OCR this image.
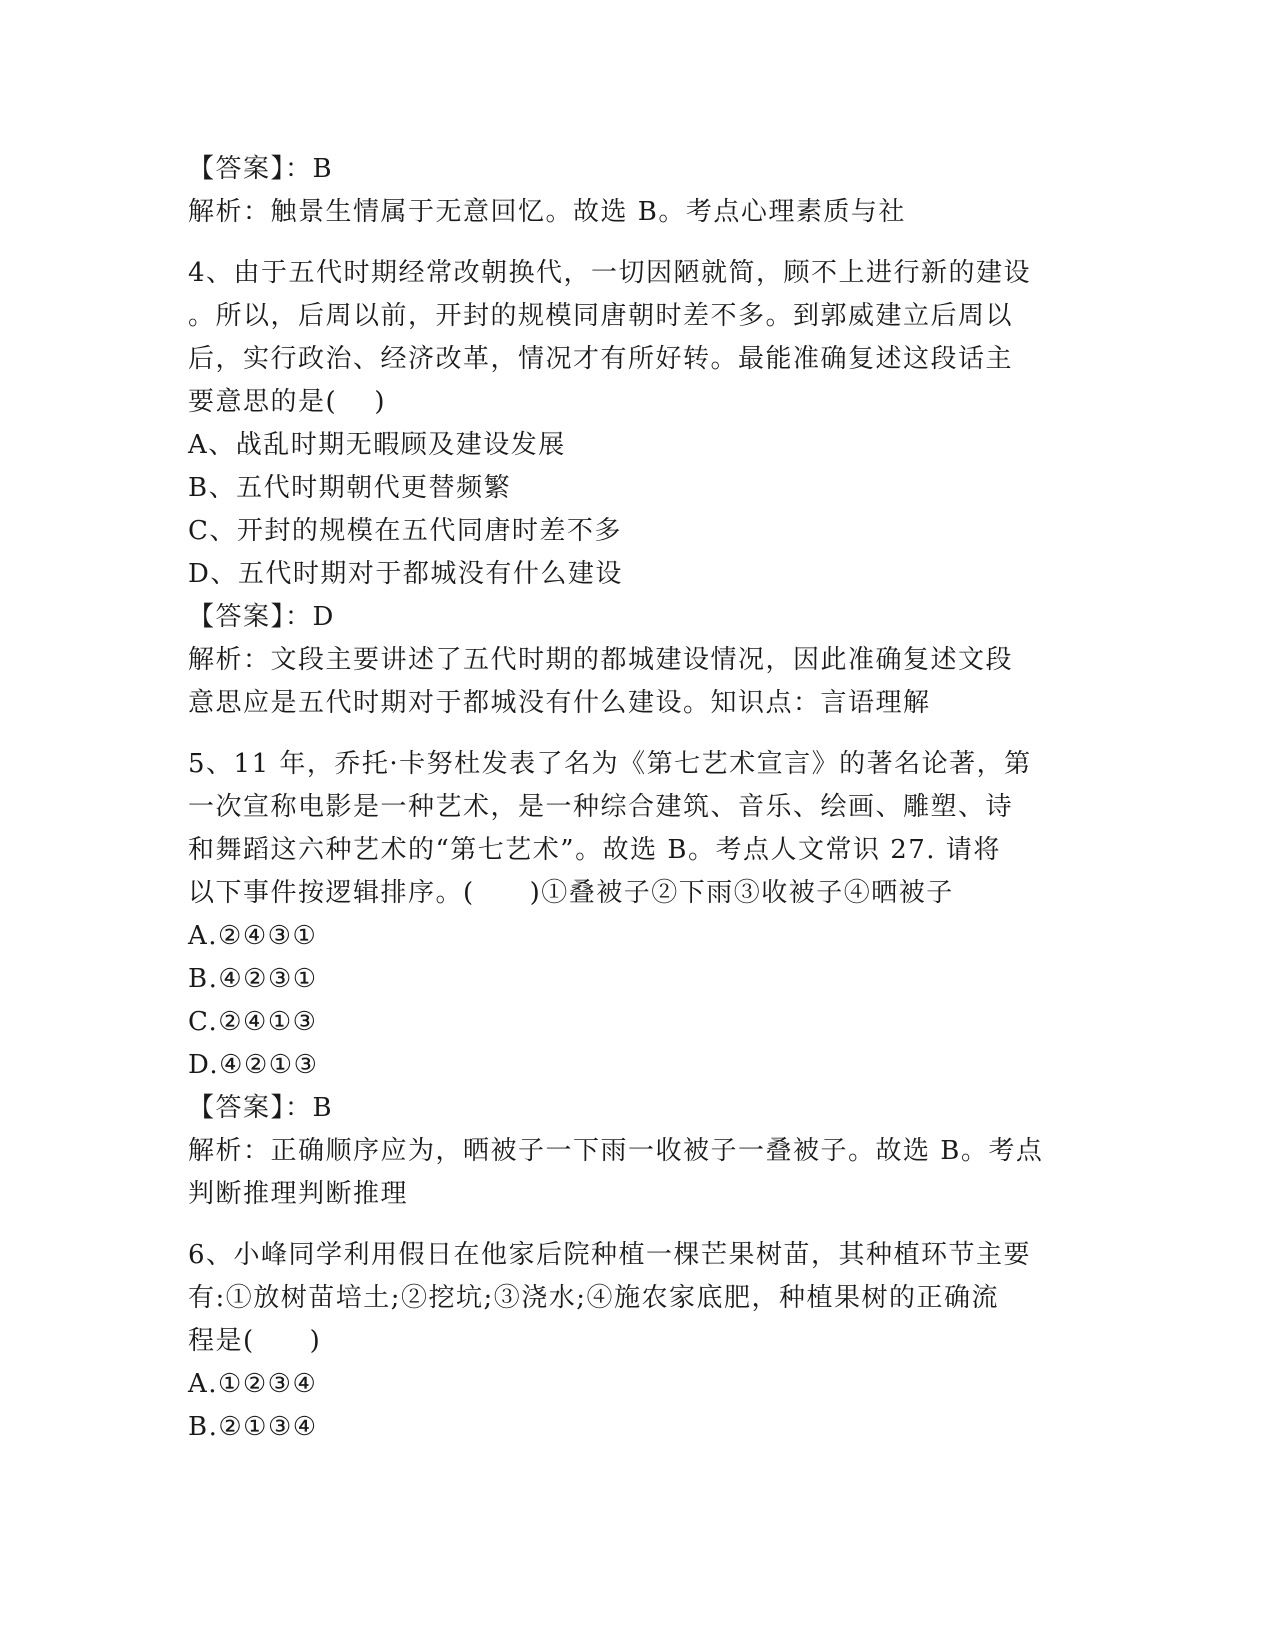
【答案】：B
解析：触景生情属于无意回忆。故选 B。考点心理素质与社
4、由于五代时期经常改朝换代，一切因陋就简，顾不上进行新的建设
。所以，后周以前，开封的规模同唐朝时差不多。到郭威建立后周以
后，实行政治、经济改革，情况才有所好转。最能准确复述这段话主
要意思的是(　 )
A、战乱时期无暇顾及建设发展
B、五代时期朝代更替频繁
C、开封的规模在五代同唐时差不多
D、五代时期对于都城没有什么建设
【答案】：D
解析：文段主要讲述了五代时期的都城建设情况，因此准确复述文段
意思应是五代时期对于都城没有什么建设。知识点：言语理解
5、11 年，乔托·卡努杜发表了名为《第七艺术宣言》的著名论著，第
一次宣称电影是一种艺术，是一种综合建筑、音乐、绘画、雕塑、诗
和舞蹈这六种艺术的“第七艺术”。故选 B。考点人文常识 27. 请将
以下事件按逻辑排序。(　　)①叠被子②下雨③收被子④晒被子
A.②④③①
B.④②③①
C.②④①③
D.④②①③
【答案】：B
解析：正确顺序应为，晒被子一下雨一收被子一叠被子。故选 B。考点
判断推理判断推理
6、小峰同学利用假日在他家后院种植一棵芒果树苗，其种植环节主要
有:①放树苗培土;②挖坑;③浇水;④施农家底肥，种植果树的正确流
程是(　　)
A.①②③④
B.②①③④
